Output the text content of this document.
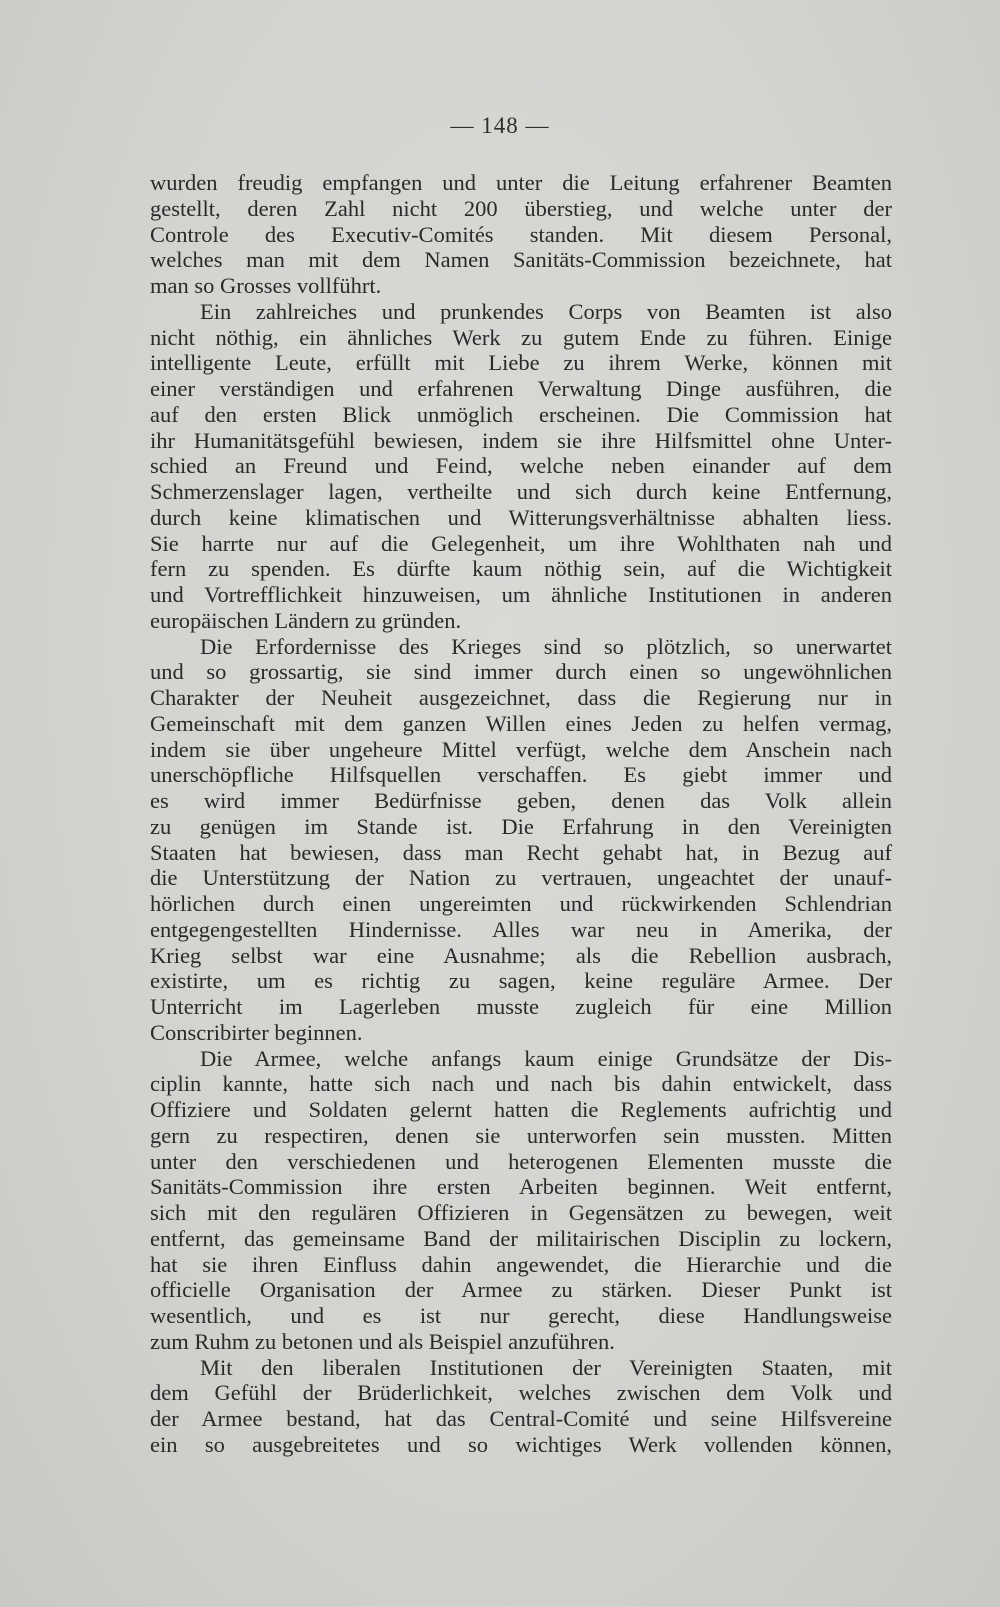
— 148 —
wurden freudig empfangen und unter die Leitung erfahrener Beamten
gestellt, deren Zahl nicht 200 überstieg, und welche unter der
Controle des Executiv-Comités standen. Mit diesem Personal,
welches man mit dem Namen Sanitäts-Commission bezeichnete, hat
man so Grosses vollführt.
Ein zahlreiches und prunkendes Corps von Beamten ist also
nicht nöthig, ein ähnliches Werk zu gutem Ende zu führen. Einige
intelligente Leute, erfüllt mit Liebe zu ihrem Werke, können mit
einer verständigen und erfahrenen Verwaltung Dinge ausführen, die
auf den ersten Blick unmöglich erscheinen. Die Commission hat
ihr Humanitätsgefühl bewiesen, indem sie ihre Hilfsmittel ohne Unter-
schied an Freund und Feind, welche neben einander auf dem
Schmerzenslager lagen, vertheilte und sich durch keine Entfernung,
durch keine klimatischen und Witterungsverhältnisse abhalten liess.
Sie harrte nur auf die Gelegenheit, um ihre Wohlthaten nah und
fern zu spenden. Es dürfte kaum nöthig sein, auf die Wichtigkeit
und Vortrefflichkeit hinzuweisen, um ähnliche Institutionen in anderen
europäischen Ländern zu gründen.
Die Erfordernisse des Krieges sind so plötzlich, so unerwartet
und so grossartig, sie sind immer durch einen so ungewöhnlichen
Charakter der Neuheit ausgezeichnet, dass die Regierung nur in
Gemeinschaft mit dem ganzen Willen eines Jeden zu helfen vermag,
indem sie über ungeheure Mittel verfügt, welche dem Anschein nach
unerschöpfliche Hilfsquellen verschaffen. Es giebt immer und
es wird immer Bedürfnisse geben, denen das Volk allein
zu genügen im Stande ist. Die Erfahrung in den Vereinigten
Staaten hat bewiesen, dass man Recht gehabt hat, in Bezug auf
die Unterstützung der Nation zu vertrauen, ungeachtet der unauf-
hörlichen durch einen ungereimten und rückwirkenden Schlendrian
entgegengestellten Hindernisse. Alles war neu in Amerika, der
Krieg selbst war eine Ausnahme; als die Rebellion ausbrach,
existirte, um es richtig zu sagen, keine reguläre Armee. Der
Unterricht im Lagerleben musste zugleich für eine Million
Conscribirter beginnen.
Die Armee, welche anfangs kaum einige Grundsätze der Dis-
ciplin kannte, hatte sich nach und nach bis dahin entwickelt, dass
Offiziere und Soldaten gelernt hatten die Reglements aufrichtig und
gern zu respectiren, denen sie unterworfen sein mussten. Mitten
unter den verschiedenen und heterogenen Elementen musste die
Sanitäts-Commission ihre ersten Arbeiten beginnen. Weit entfernt,
sich mit den regulären Offizieren in Gegensätzen zu bewegen, weit
entfernt, das gemeinsame Band der militairischen Disciplin zu lockern,
hat sie ihren Einfluss dahin angewendet, die Hierarchie und die
officielle Organisation der Armee zu stärken. Dieser Punkt ist
wesentlich, und es ist nur gerecht, diese Handlungsweise
zum Ruhm zu betonen und als Beispiel anzuführen.
Mit den liberalen Institutionen der Vereinigten Staaten, mit
dem Gefühl der Brüderlichkeit, welches zwischen dem Volk und
der Armee bestand, hat das Central-Comité und seine Hilfsvereine
ein so ausgebreitetes und so wichtiges Werk vollenden können,
